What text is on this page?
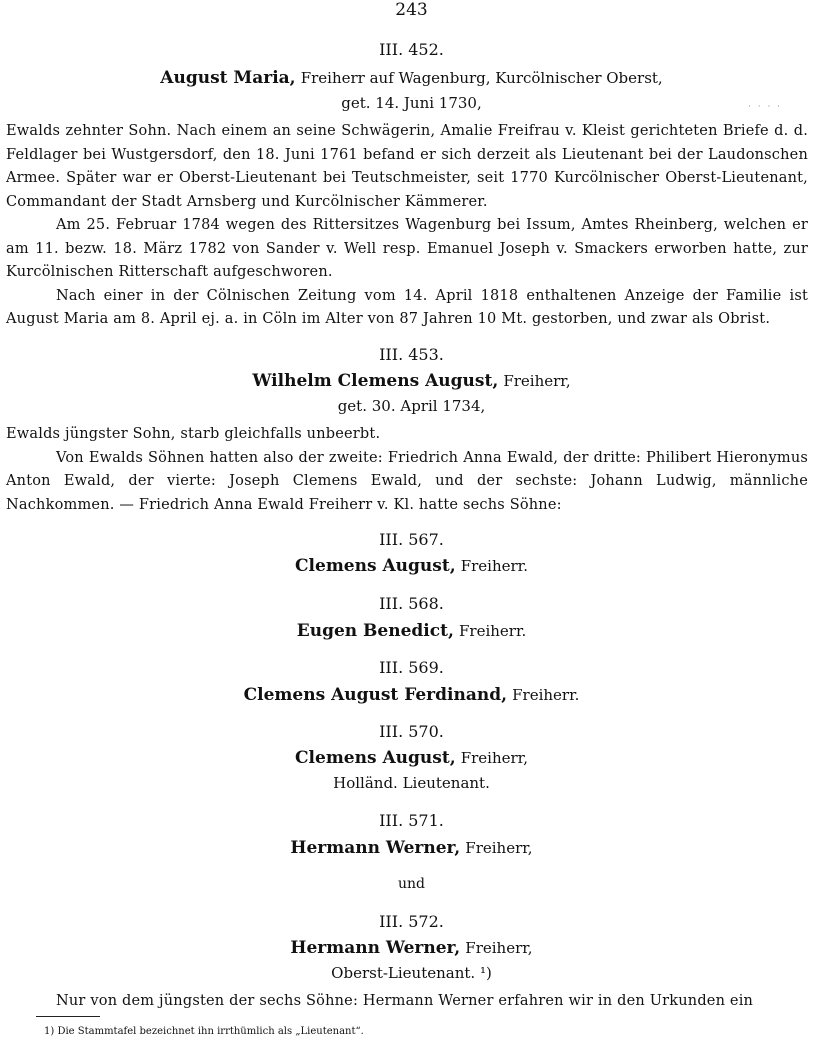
243
III. 452.
August Maria, Freiherr auf Wagenburg, Kurcölnischer Oberst,
get. 14. Juni 1730,	· · · ·

Ewalds zehnter Sohn. Nach einem an seine Schwägerin, Amalie Freifrau v. Kleist gerichteten Briefe d. d. Feldlager bei Wustgersdorf, den 18. Juni 1761 befand er sich derzeit als Lieutenant bei der Laudonschen Armee. Später war er Oberst-Lieutenant bei Teutschmeister, seit 1770 Kurcölnischer Oberst-Lieutenant, Commandant der Stadt Arnsberg und Kurcölnischer Kämmerer.

Am 25. Februar 1784 wegen des Rittersitzes Wagenburg bei Issum, Amtes Rheinberg, welchen er am 11. bezw. 18. März 1782 von Sander v. Well resp. Emanuel Joseph v. Smackers erworben hatte, zur Kurcölnischen Ritterschaft aufgeschworen.

Nach einer in der Cölnischen Zeitung vom 14. April 1818 enthaltenen Anzeige der Familie ist August Maria am 8. April ej. a. in Cöln im Alter von 87 Jahren 10 Mt. gestorben, und zwar als Obrist.

III. 453.
Wilhelm Clemens August, Freiherr,
get. 30. April 1734,

Ewalds jüngster Sohn, starb gleichfalls unbeerbt.

Von Ewalds Söhnen hatten also der zweite: Friedrich Anna Ewald, der dritte: Philibert Hieronymus Anton Ewald, der vierte: Joseph Clemens Ewald, und der sechste: Johann Ludwig, männliche Nachkommen. — Friedrich Anna Ewald Freiherr v. Kl. hatte sechs Söhne:

III. 567.
Clemens August, Freiherr.
III. 568.
Eugen Benedict, Freiherr.
III. 569.
Clemens August Ferdinand, Freiherr.
III. 570.
Clemens August, Freiherr,
Holländ. Lieutenant.
III. 571.
Hermann Werner, Freiherr,
und
III. 572.
Hermann Werner, Freiherr,
Oberst-Lieutenant. ¹)

Nur von dem jüngsten der sechs Söhne: Hermann Werner erfahren wir in den Urkunden ein

1) Die Stammtafel bezeichnet ihn irrthümlich als „Lieutenant“.
